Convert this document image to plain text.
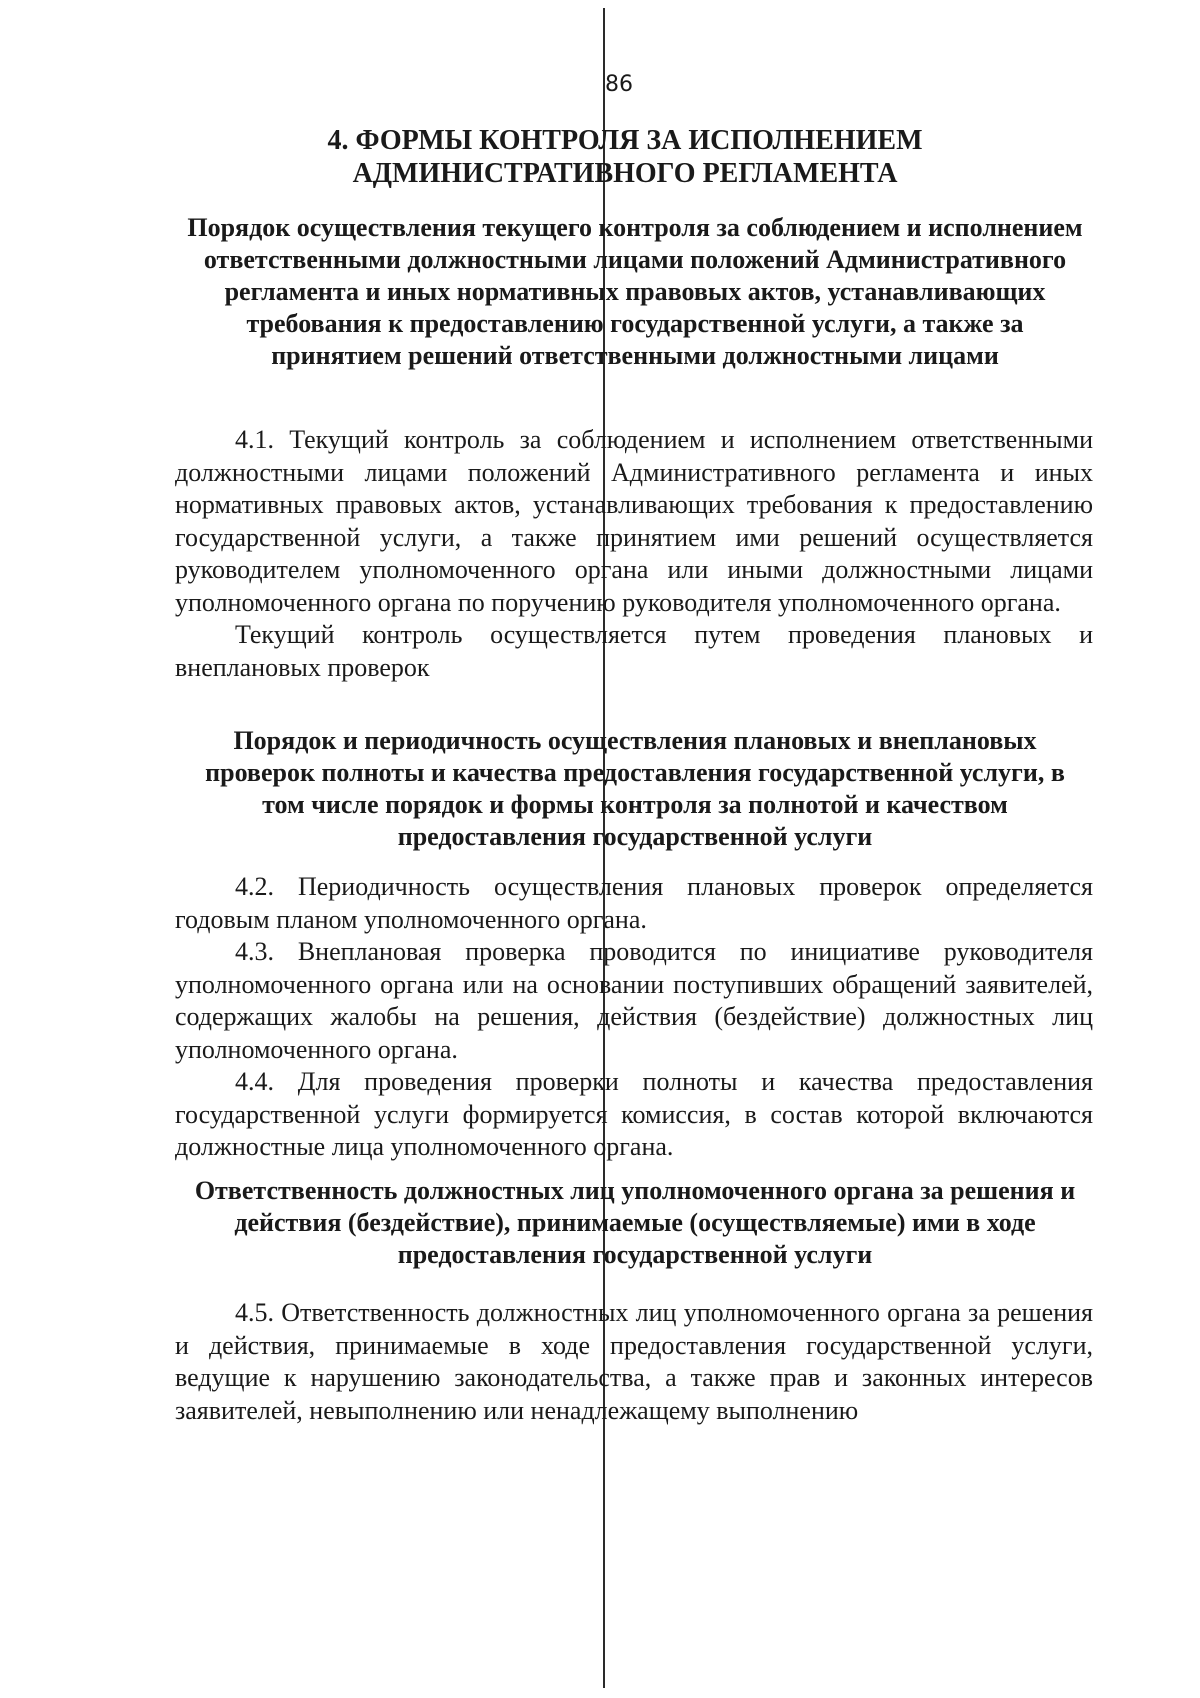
86
4. ФОРМЫ КОНТРОЛЯ ЗА ИСПОЛНЕНИЕМ АДМИНИСТРАТИВНОГО РЕГЛАМЕНТА
Порядок осуществления текущего контроля за соблюдением и исполнением ответственными должностными лицами положений Административного регламента и иных нормативных правовых актов, устанавливающих требования к предоставлению государственной услуги, а также за принятием решений ответственными должностными лицами

4.1. Текущий контроль за соблюдением и исполнением ответственными должностными лицами положений Административного регламента и иных нормативных правовых актов, устанавливающих требования к предоставлению государственной услуги, а также принятием ими решений осуществляется руководителем уполномоченного органа или иными должностными лицами уполномоченного органа по поручению руководителя уполномоченного органа.

Текущий контроль осуществляется путем проведения плановых и внеплановых проверок

Порядок и периодичность осуществления плановых и внеплановых проверок полноты и качества предоставления государственной услуги, в том числе порядок и формы контроля за полнотой и качеством предоставления государственной услуги

4.2. Периодичность осуществления плановых проверок определяется годовым планом уполномоченного органа.

4.3. Внеплановая проверка проводится по инициативе руководителя уполномоченного органа или на основании поступивших обращений заявителей, содержащих жалобы на решения, действия (бездействие) должностных лиц уполномоченного органа.

4.4. Для проведения проверки полноты и качества предоставления государственной услуги формируется комиссия, в состав которой включаются должностные лица уполномоченного органа.

Ответственность должностных лиц уполномоченного органа за решения и действия (бездействие), принимаемые (осуществляемые) ими в ходе предоставления государственной услуги

4.5. Ответственность должностных лиц уполномоченного органа за решения и действия, принимаемые в ходе предоставления государственной услуги, ведущие к нарушению законодательства, а также прав и законных интересов заявителей, невыполнению или ненадлежащему выполнению
